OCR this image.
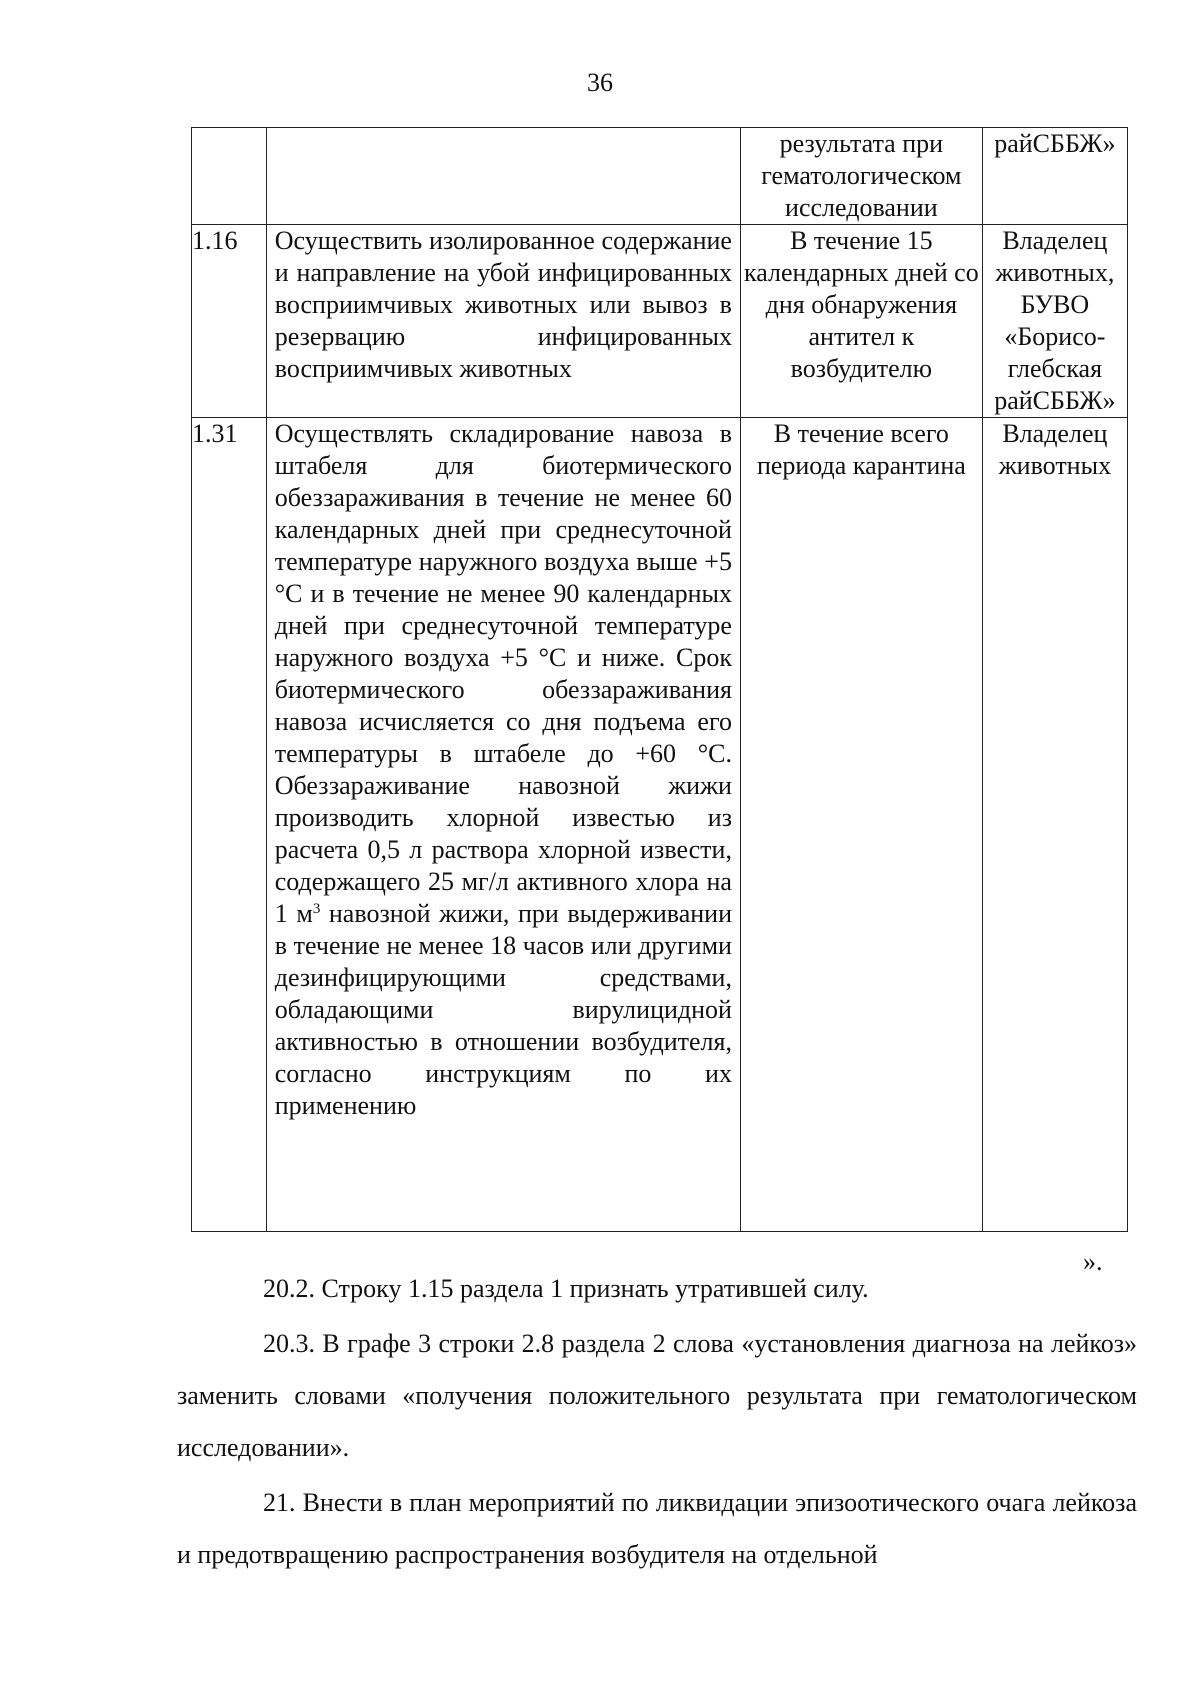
36
		результата при гематологическом исследовании	райСББЖ»
1.16	Осуществить изолированное содержание и направление на убой инфицированных восприимчивых животных или вывоз в резервацию инфицированных восприимчивых животных	В течение 15 календарных дней со дня обнаружения антител к возбудителю	Владелец животных, БУВО «Борисо-глебская райСББЖ»
1.31	Осуществлять складирование навоза в штабеля для биотермического обеззараживания в течение не менее 60 календарных дней при среднесуточной температуре наружного воздуха выше +5 °С и в течение не менее 90 календарных дней при среднесуточной температуре наружного воздуха +5 °С и ниже. Срок биотермического обеззараживания навоза исчисляется со дня подъема его температуры в штабеле до +60 °С. Обеззараживание навозной жижи производить хлорной известью из расчета 0,5 л раствора хлорной извести, содержащего 25 мг/л активного хлора на 1 $м^3$ навозной жижи, при выдерживании в течение не менее 18 часов или другими дезинфицирующими средствами, обладающими вирулицидной активностью в отношении возбудителя, согласно инструкциям по их применению	В течение всего периода карантина	Владелец животных
».

20.2. Строку 1.15 раздела 1 признать утратившей силу.

20.3. В графе 3 строки 2.8 раздела 2 слова «установления диагноза на лейкоз» заменить словами «получения положительного результата при гематологическом исследовании».

21. Внести в план мероприятий по ликвидации эпизоотического очага лейкоза и предотвращению распространения возбудителя на отдельной
